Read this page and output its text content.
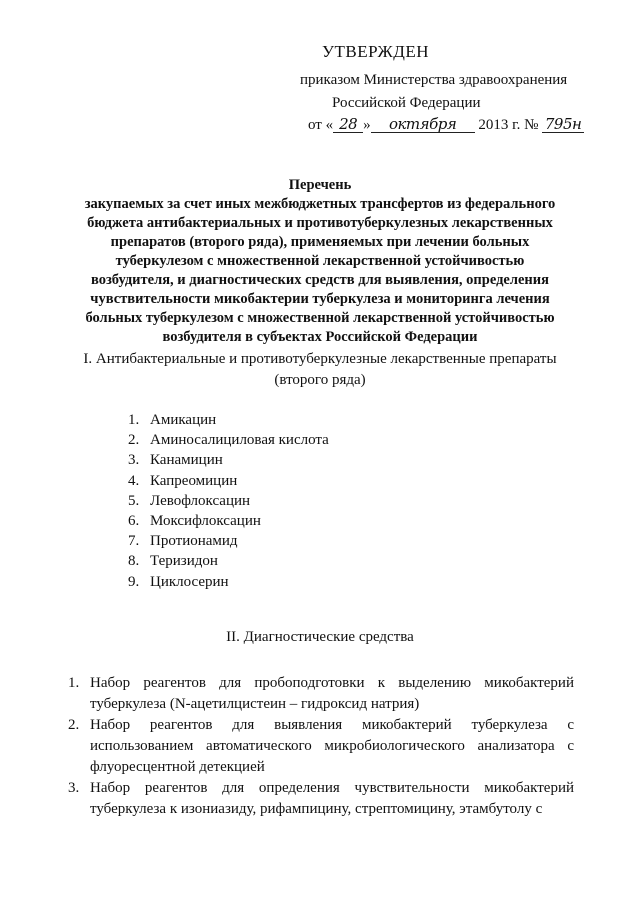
УТВЕРЖДЕН
приказом Министерства здравоохранения
Российской Федерации
от « 28 » октября 2013 г. № 795н
Перечень
закупаемых за счет иных межбюджетных трансфертов из федерального
бюджета антибактериальных и противотуберкулезных лекарственных
препаратов (второго ряда), применяемых при лечении больных
туберкулезом с множественной лекарственной устойчивостью
возбудителя, и диагностических средств для выявления, определения
чувствительности микобактерии туберкулеза и мониторинга лечения
больных туберкулезом с множественной лекарственной устойчивостью
возбудителя в субъектах Российской Федерации
I. Антибактериальные и противотуберкулезные лекарственные препараты
(второго ряда)
1. Амикацин
2. Аминосалициловая кислота
3. Канамицин
4. Капреомицин
5. Левофлоксацин
6. Моксифлоксацин
7. Протионамид
8. Теризидон
9. Циклосерин
II. Диагностические средства
1. Набор реагентов для пробоподготовки к выделению микобактерий
туберкулеза (N-ацетилцистеин – гидроксид натрия)
2. Набор реагентов для выявления микобактерий туберкулеза с
использованием автоматического микробиологического анализатора с
флуоресцентной детекцией
3. Набор реагентов для определения чувствительности микобактерий
туберкулеза к изониазиду, рифампицину, стрептомицину, этамбутолу с
